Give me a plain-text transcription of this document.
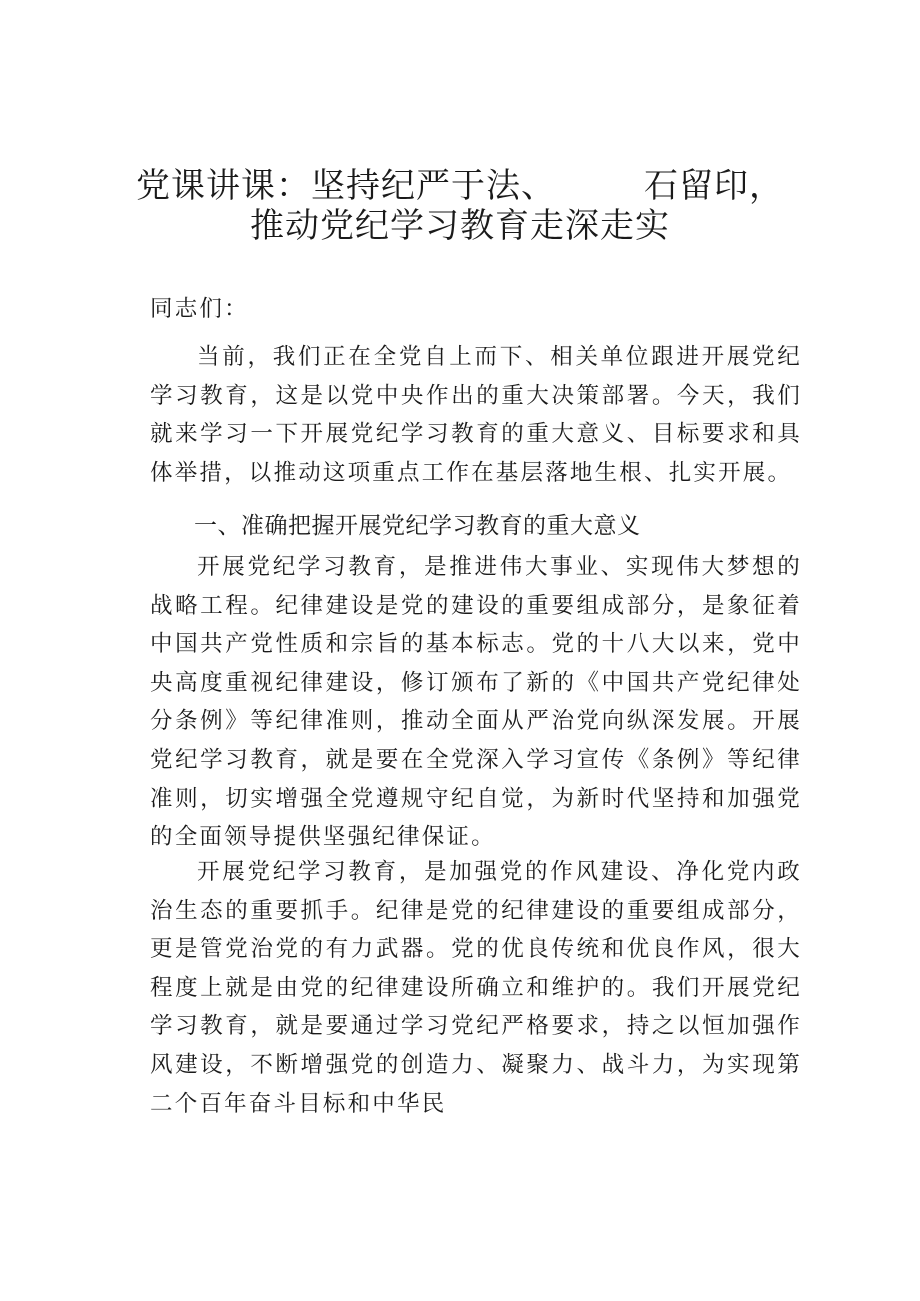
党课讲课：坚持纪严于法、	石留印，
推动党纪学习教育走深走实

同志们：

当前，我们正在全党自上而下、相关单位跟进开展党纪学习教育，这是以党中央作出的重大决策部署。今天，我们就来学习一下开展党纪学习教育的重大意义、目标要求和具体举措，以推动这项重点工作在基层落地生根、扎实开展。

一、准确把握开展党纪学习教育的重大意义

开展党纪学习教育，是推进伟大事业、实现伟大梦想的战略工程。纪律建设是党的建设的重要组成部分，是象征着中国共产党性质和宗旨的基本标志。党的十八大以来，党中央高度重视纪律建设，修订颁布了新的《中国共产党纪律处分条例》等纪律准则，推动全面从严治党向纵深发展。开展党纪学习教育，就是要在全党深入学习宣传《条例》等纪律准则，切实增强全党遵规守纪自觉，为新时代坚持和加强党的全面领导提供坚强纪律保证。

开展党纪学习教育，是加强党的作风建设、净化党内政治生态的重要抓手。纪律是党的纪律建设的重要组成部分，更是管党治党的有力武器。党的优良传统和优良作风，很大程度上就是由党的纪律建设所确立和维护的。我们开展党纪学习教育，就是要通过学习党纪严格要求，持之以恒加强作风建设，不断增强党的创造力、凝聚力、战斗力，为实现第二个百年奋斗目标和中华民
